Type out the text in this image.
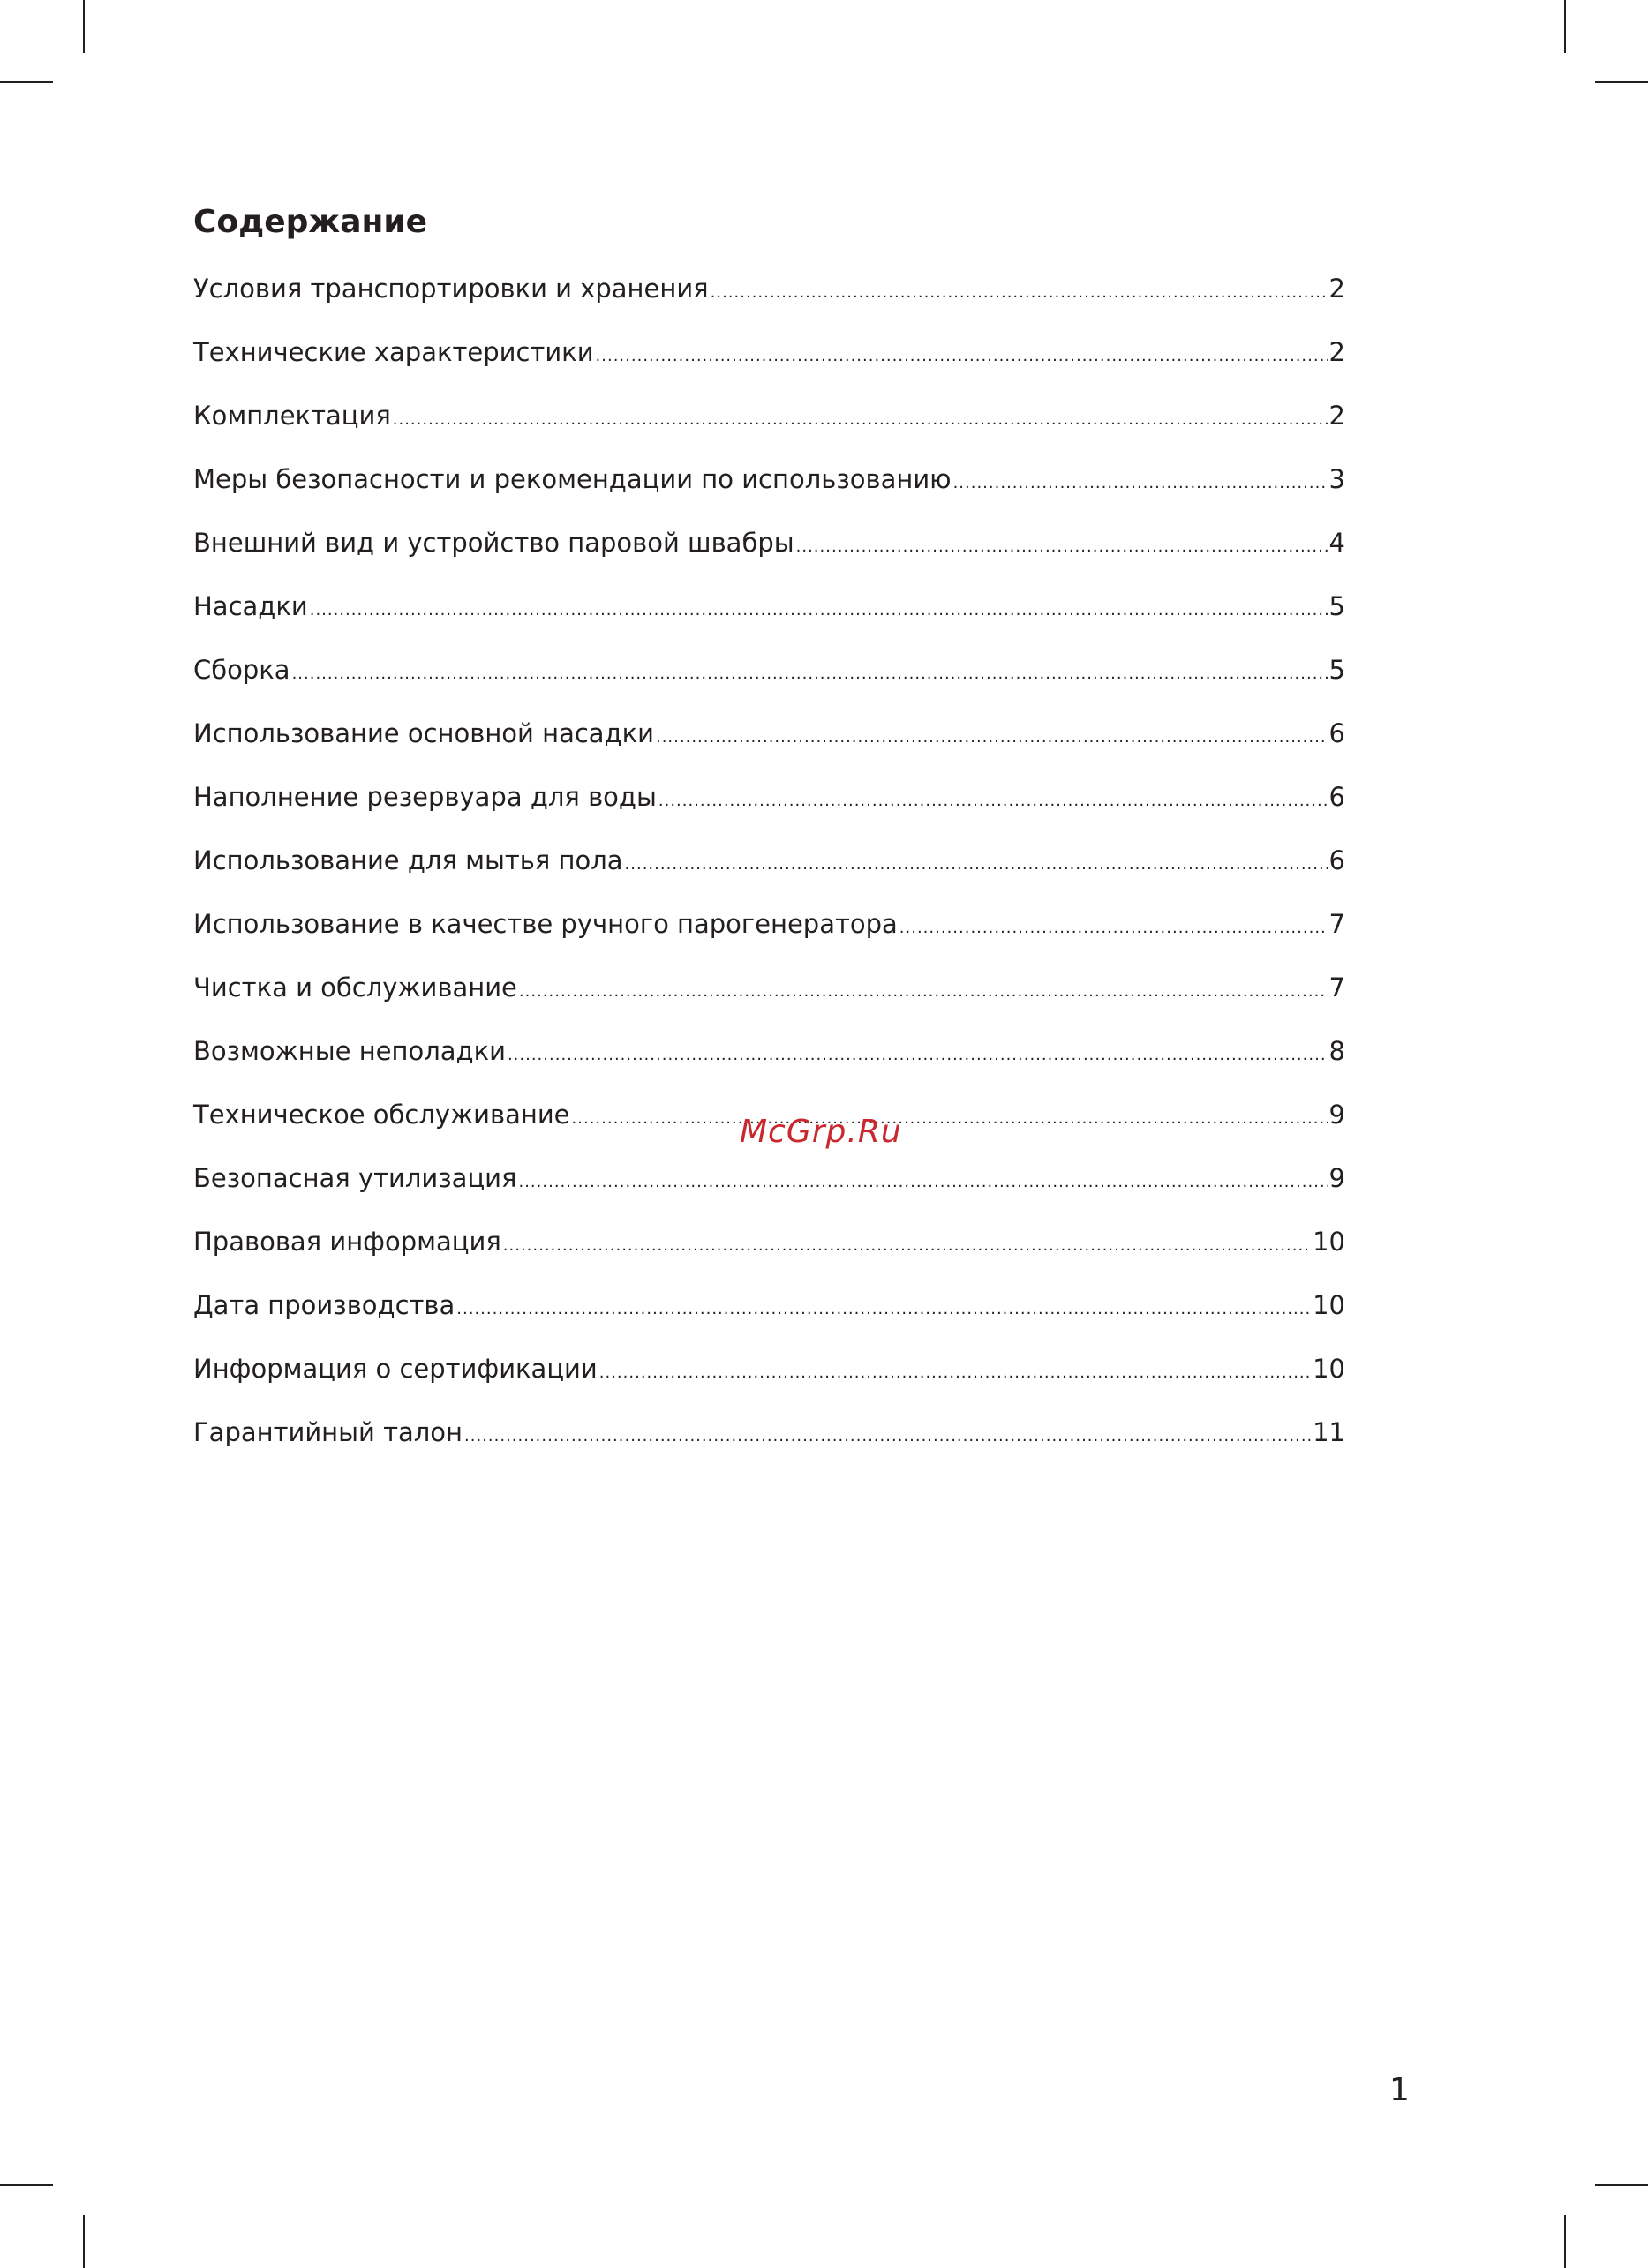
Содержание
Условия транспортировки и хранения .....	2
Технические характеристики .....	2
Комплектация .....	2
Меры безопасности и рекомендации по использованию .....	3
Внешний вид и устройство паровой швабры .....	4
Насадки .....	5
Сборка .....	5
Использование основной насадки .....	6
Наполнение резервуара для воды .....	6
Использование для мытья пола .....	6
Использование в качестве ручного парогенератора .....	7
Чистка и обслуживание .....	7
Возможные неполадки .....	8
Техническое обслуживание .....	9
Безопасная утилизация .....	9
Правовая информация .....	10
Дата производства .....	10
Информация о сертификации .....	10
Гарантийный талон .....	11
McGrp.Ru
1
